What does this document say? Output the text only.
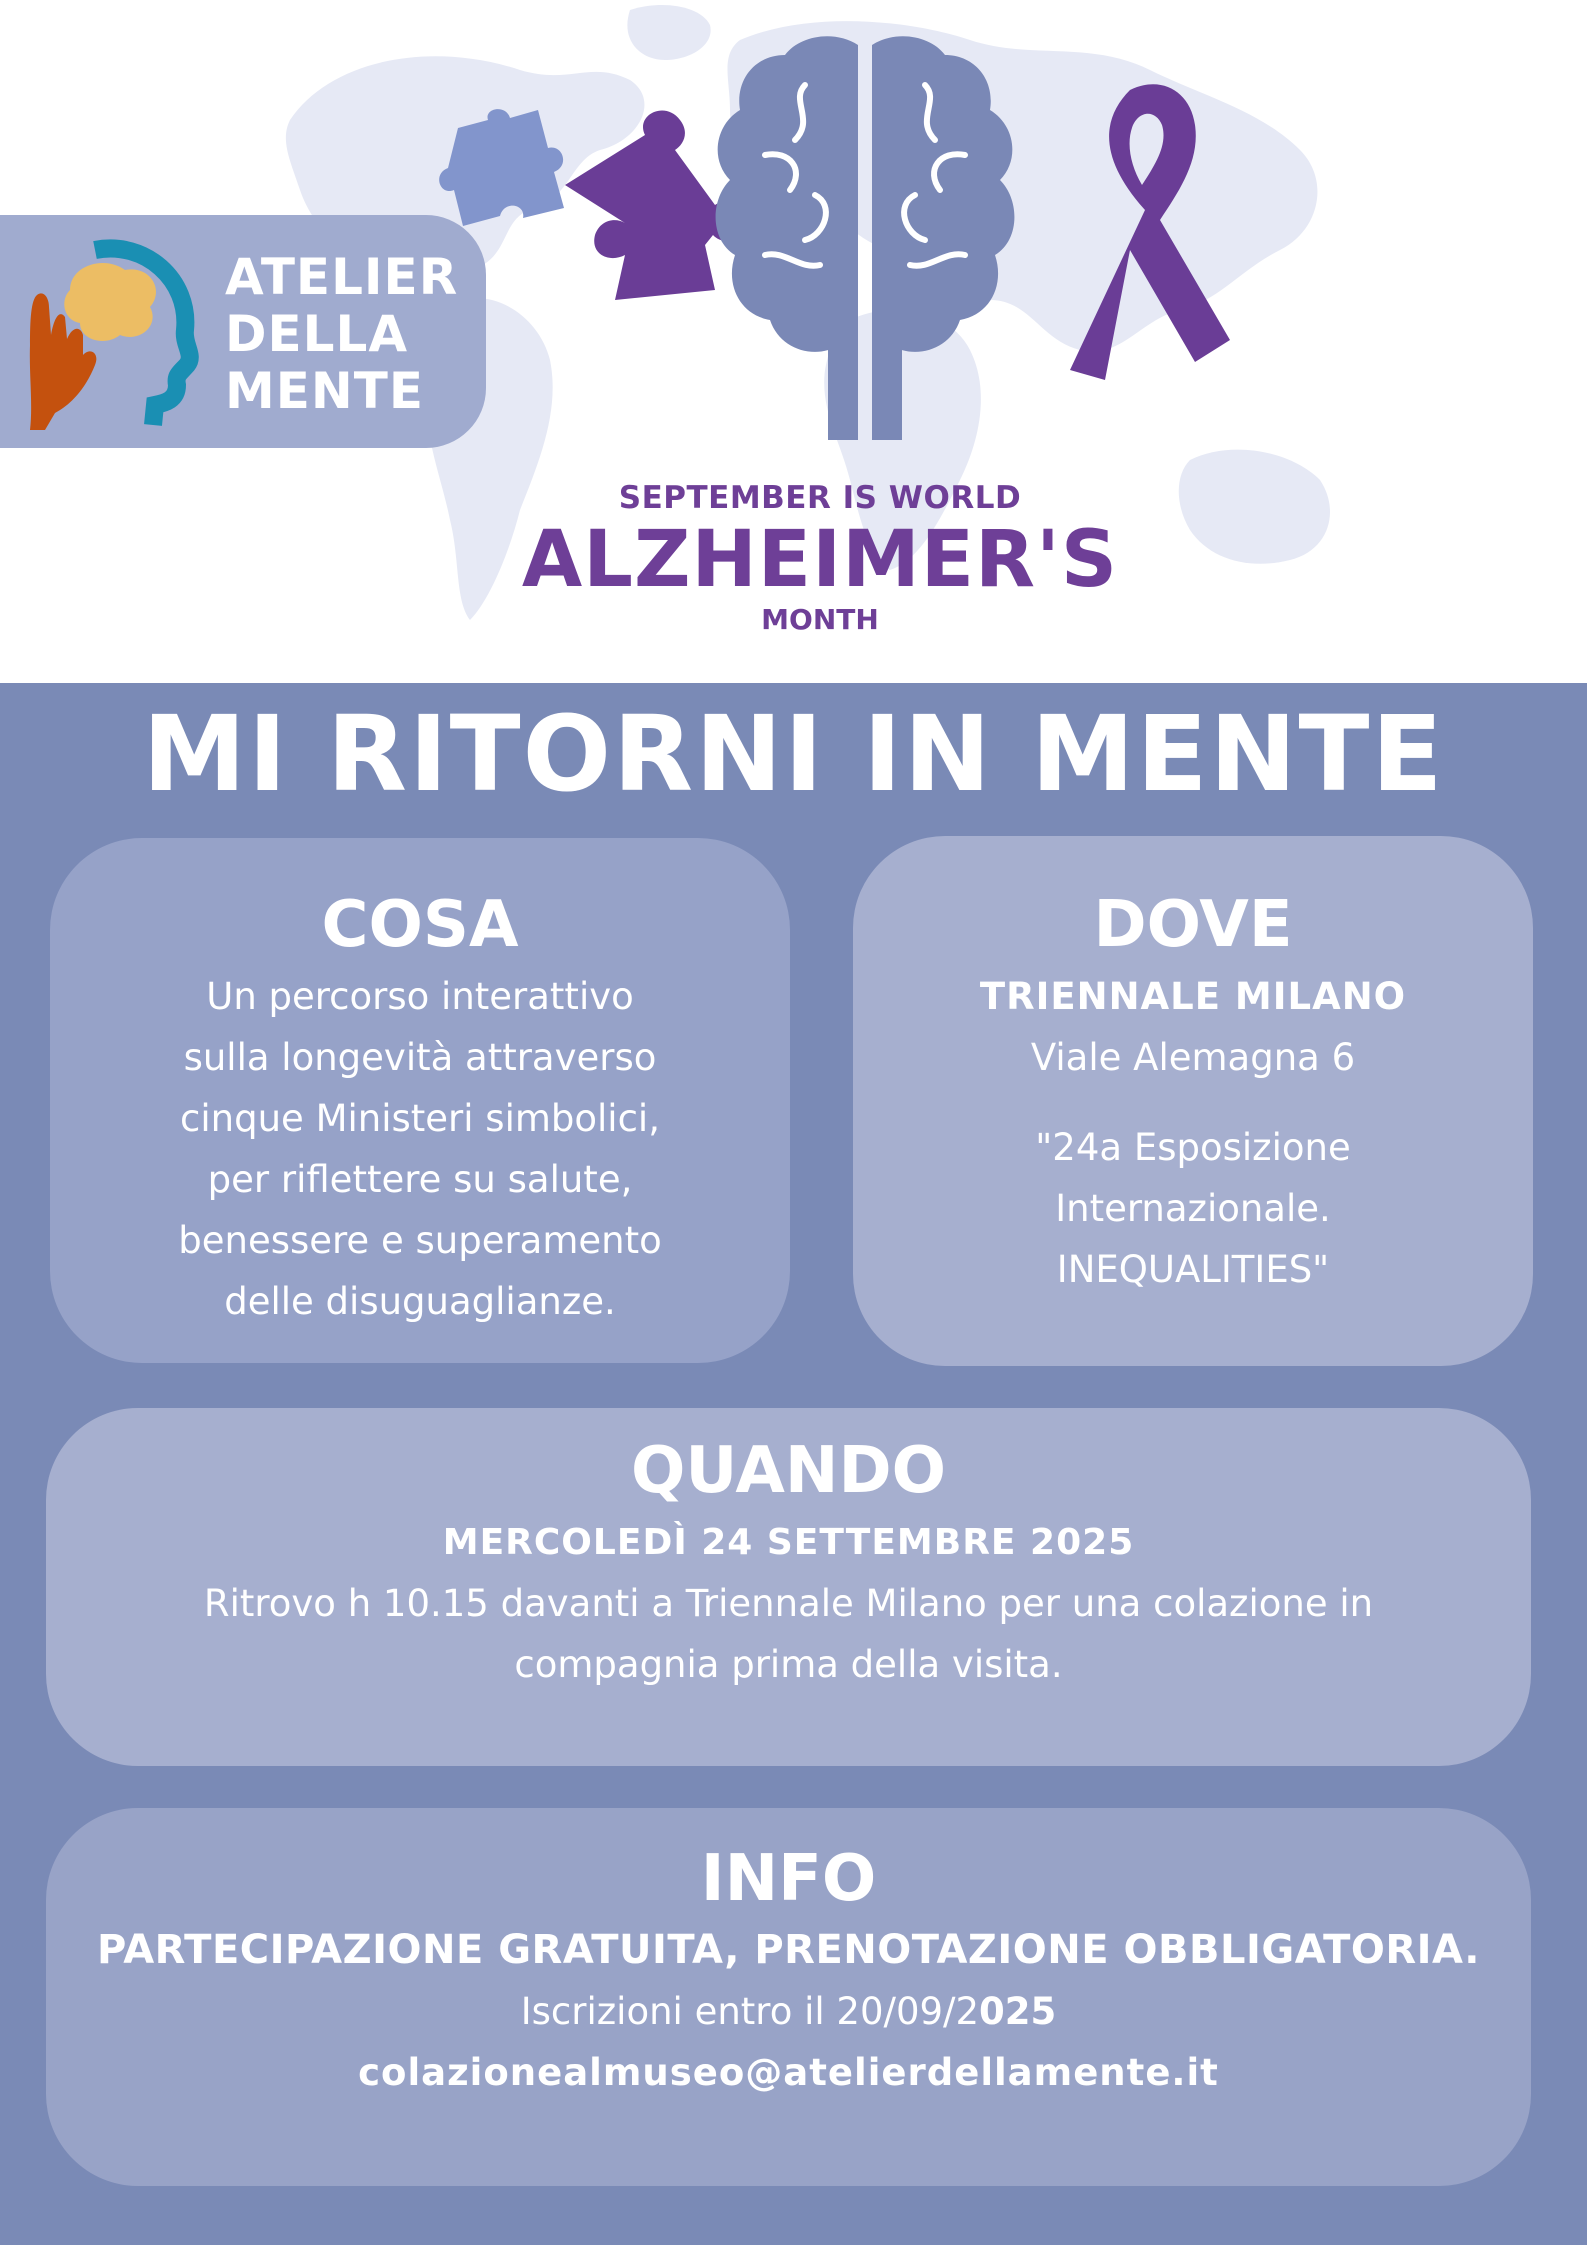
SEPTEMBER IS WORLD
ALZHEIMER'S
MONTH
ATELIER
DELLA
MENTE
MI RITORNI IN MENTE
COSA

Un percorso interattivo

sulla longevità attraverso

cinque Ministeri simbolici,

per riflettere su salute,

benessere e superamento

delle disuguaglianze.

DOVE

TRIENNALE MILANO

Viale Alemagna 6

"24a Esposizione

Internazionale.

INEQUALITIES"

QUANDO

MERCOLEDÌ 24 SETTEMBRE 2025

Ritrovo h 10.15 davanti a Triennale Milano per una colazione in

compagnia prima della visita.

INFO

PARTECIPAZIONE GRATUITA, PRENOTAZIONE OBBLIGATORIA.

Iscrizioni entro il 20/09/2025

colazionealmuseo@atelierdellamente.it
